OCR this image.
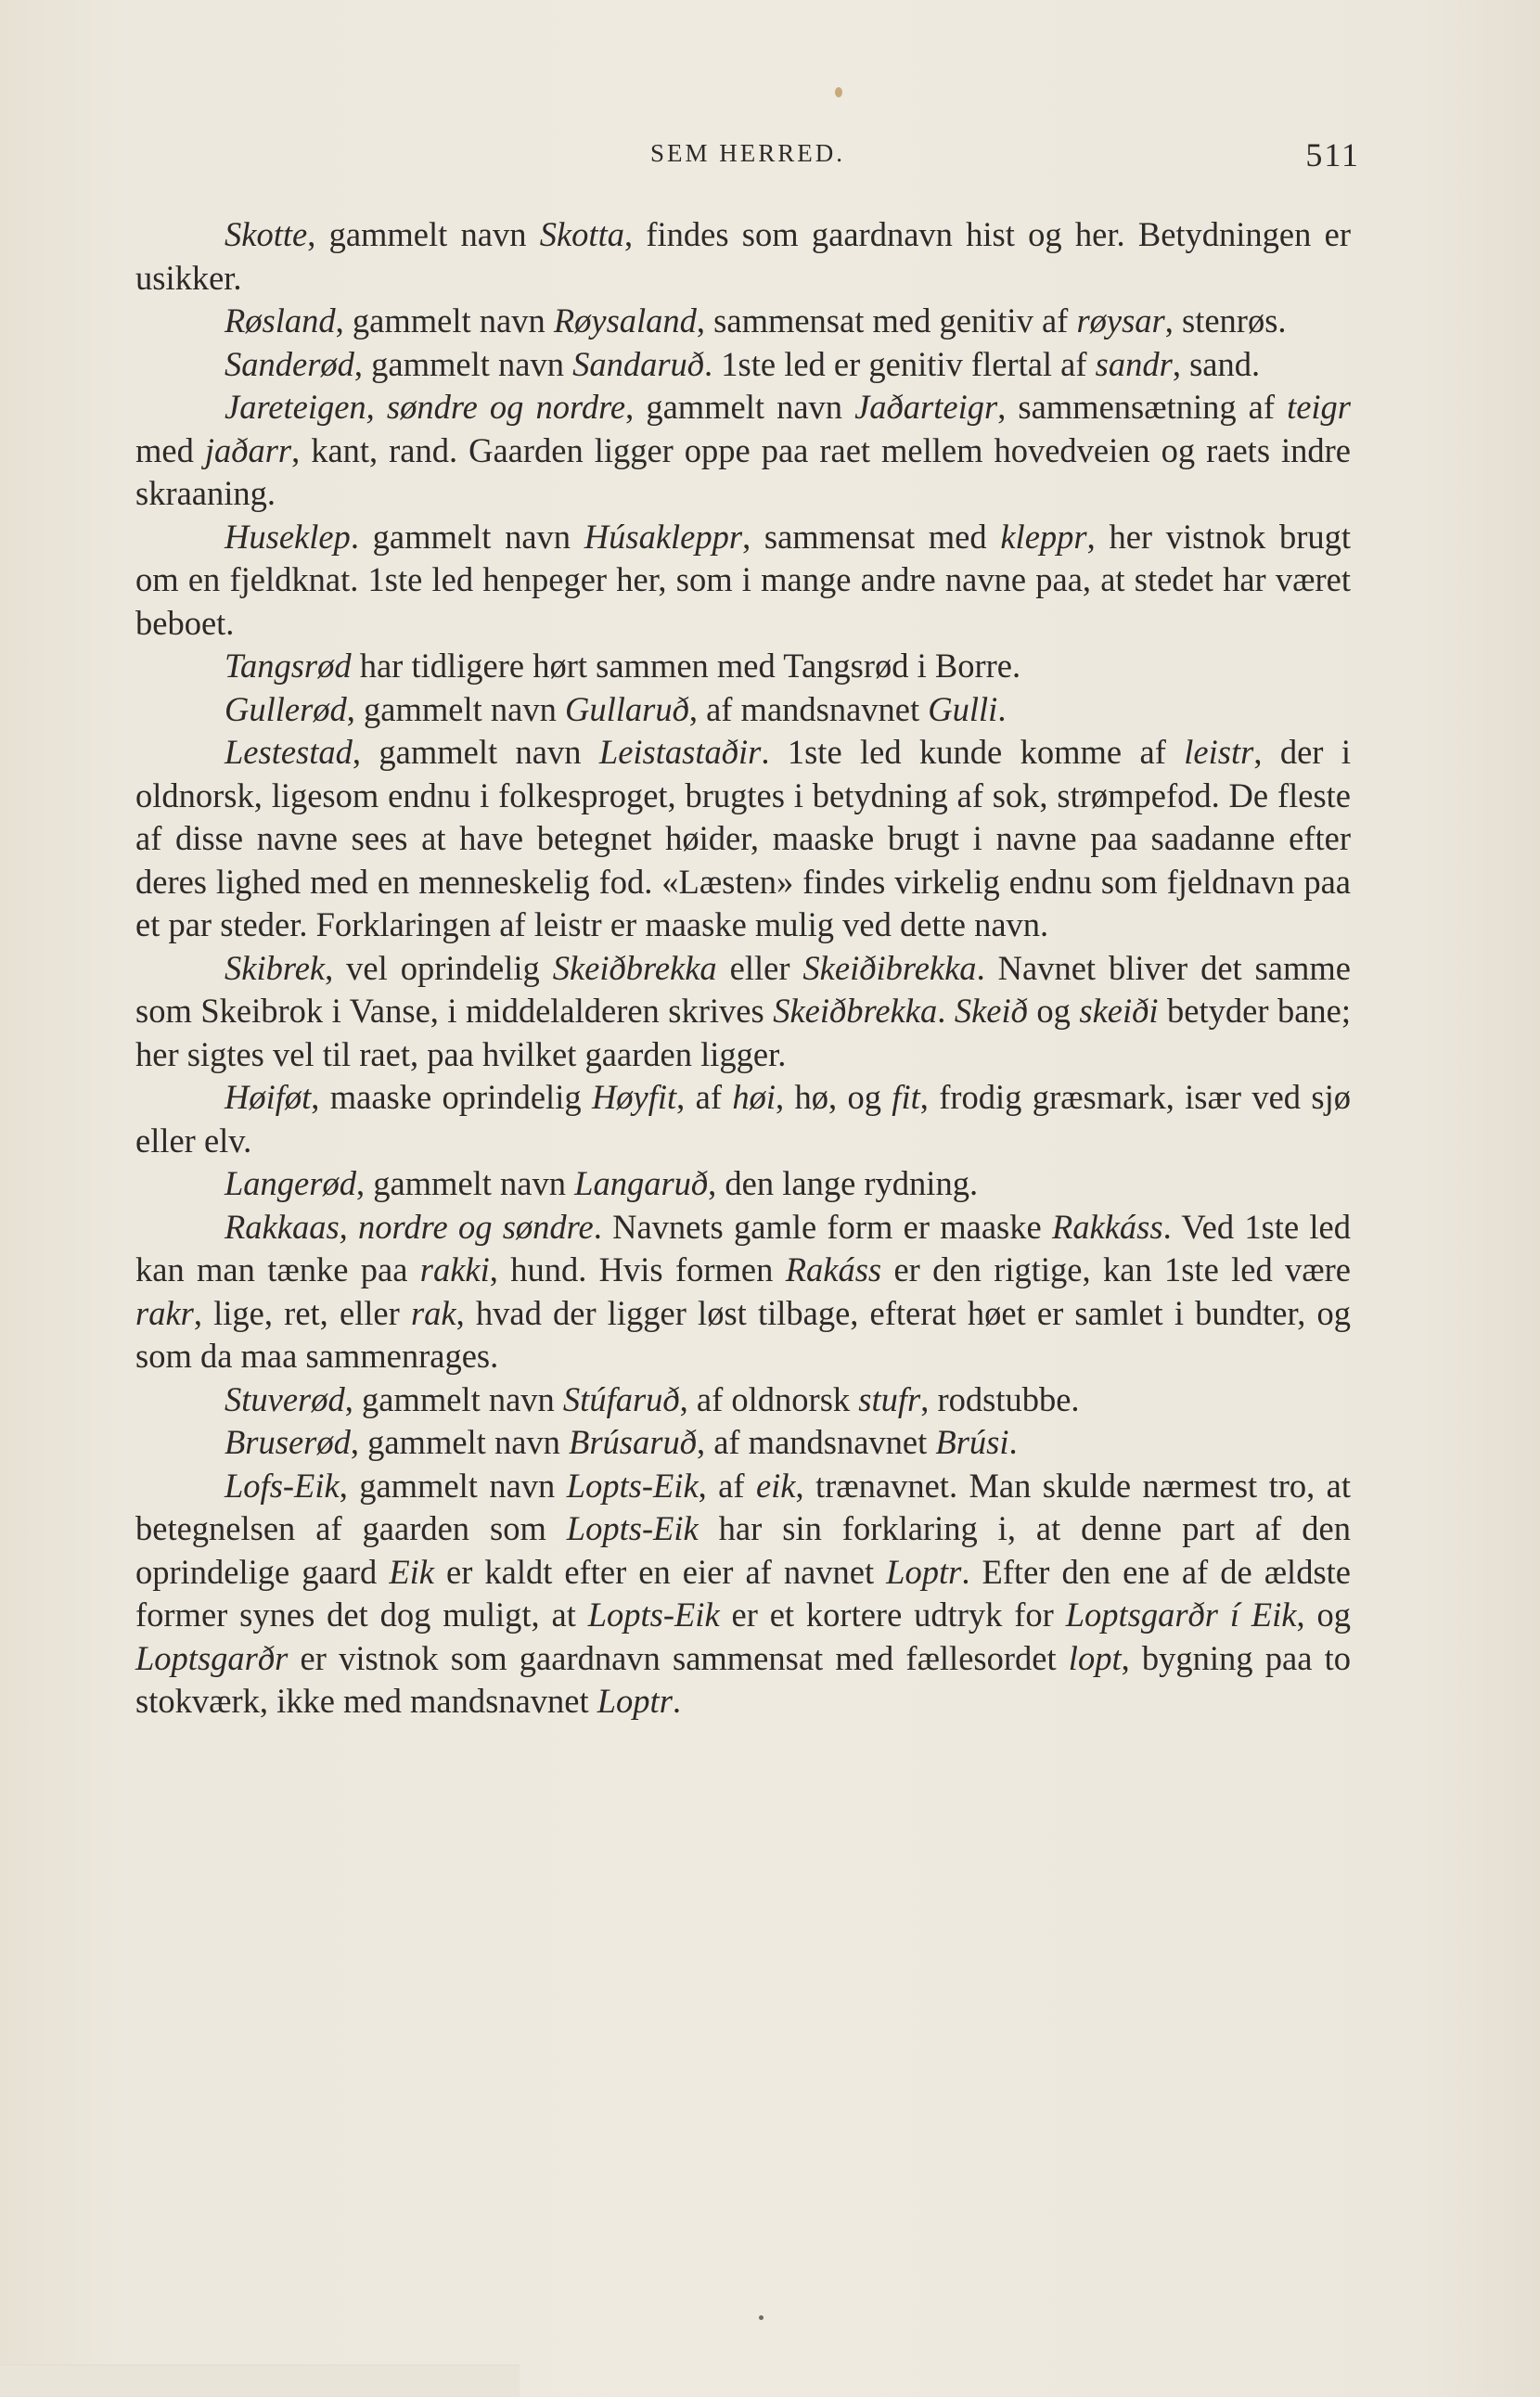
SEM HERRED.	511

Skotte, gammelt navn Skotta, findes som gaardnavn hist og her. Betydningen er usikker.

Røsland, gammelt navn Røysaland, sammensat med genitiv af røysar, stenrøs.

Sanderød, gammelt navn Sandaruð. 1ste led er genitiv flertal af sandr, sand.

Jareteigen, søndre og nordre, gammelt navn Jaðarteigr, sammensætning af teigr med jaðarr, kant, rand. Gaarden ligger oppe paa raet mellem hovedveien og raets indre skraaning.

Huseklep. gammelt navn Húsakleppr, sammensat med kleppr, her vistnok brugt om en fjeldknat. 1ste led henpeger her, som i mange andre navne paa, at stedet har været beboet.

Tangsrød har tidligere hørt sammen med Tangsrød i Borre.

Gullerød, gammelt navn Gullaruð, af mandsnavnet Gulli.

Lestestad, gammelt navn Leistastaðir. 1ste led kunde komme af leistr, der i oldnorsk, ligesom endnu i folkesproget, brugtes i betydning af sok, strømpefod. De fleste af disse navne sees at have betegnet høider, maaske brugt i navne paa saadanne efter deres lighed med en menneskelig fod. «Læsten» findes virkelig endnu som fjeldnavn paa et par steder. Forklaringen af leistr er maaske mulig ved dette navn.

Skibrek, vel oprindelig Skeiðbrekka eller Skeiðibrekka. Navnet bliver det samme som Skeibrok i Vanse, i middelalderen skrives Skeiðbrekka. Skeið og skeiði betyder bane; her sigtes vel til raet, paa hvilket gaarden ligger.

Høiføt, maaske oprindelig Høyfit, af høi, hø, og fit, frodig græsmark, især ved sjø eller elv.

Langerød, gammelt navn Langaruð, den lange rydning.

Rakkaas, nordre og søndre. Navnets gamle form er maaske Rakkáss. Ved 1ste led kan man tænke paa rakki, hund. Hvis formen Rakáss er den rigtige, kan 1ste led være rakr, lige, ret, eller rak, hvad der ligger løst tilbage, efterat høet er samlet i bundter, og som da maa sammenrages.

Stuverød, gammelt navn Stúfaruð, af oldnorsk stufr, rodstubbe.

Bruserød, gammelt navn Brúsaruð, af mandsnavnet Brúsi.

Lofs-Eik, gammelt navn Lopts-Eik, af eik, trænavnet. Man skulde nærmest tro, at betegnelsen af gaarden som Lopts-Eik har sin forklaring i, at denne part af den oprindelige gaard Eik er kaldt efter en eier af navnet Loptr. Efter den ene af de ældste former synes det dog muligt, at Lopts-Eik er et kortere udtryk for Loptsgarðr í Eik, og Loptsgarðr er vistnok som gaardnavn sammensat med fællesordet lopt, bygning paa to stokværk, ikke med mandsnavnet Loptr.
